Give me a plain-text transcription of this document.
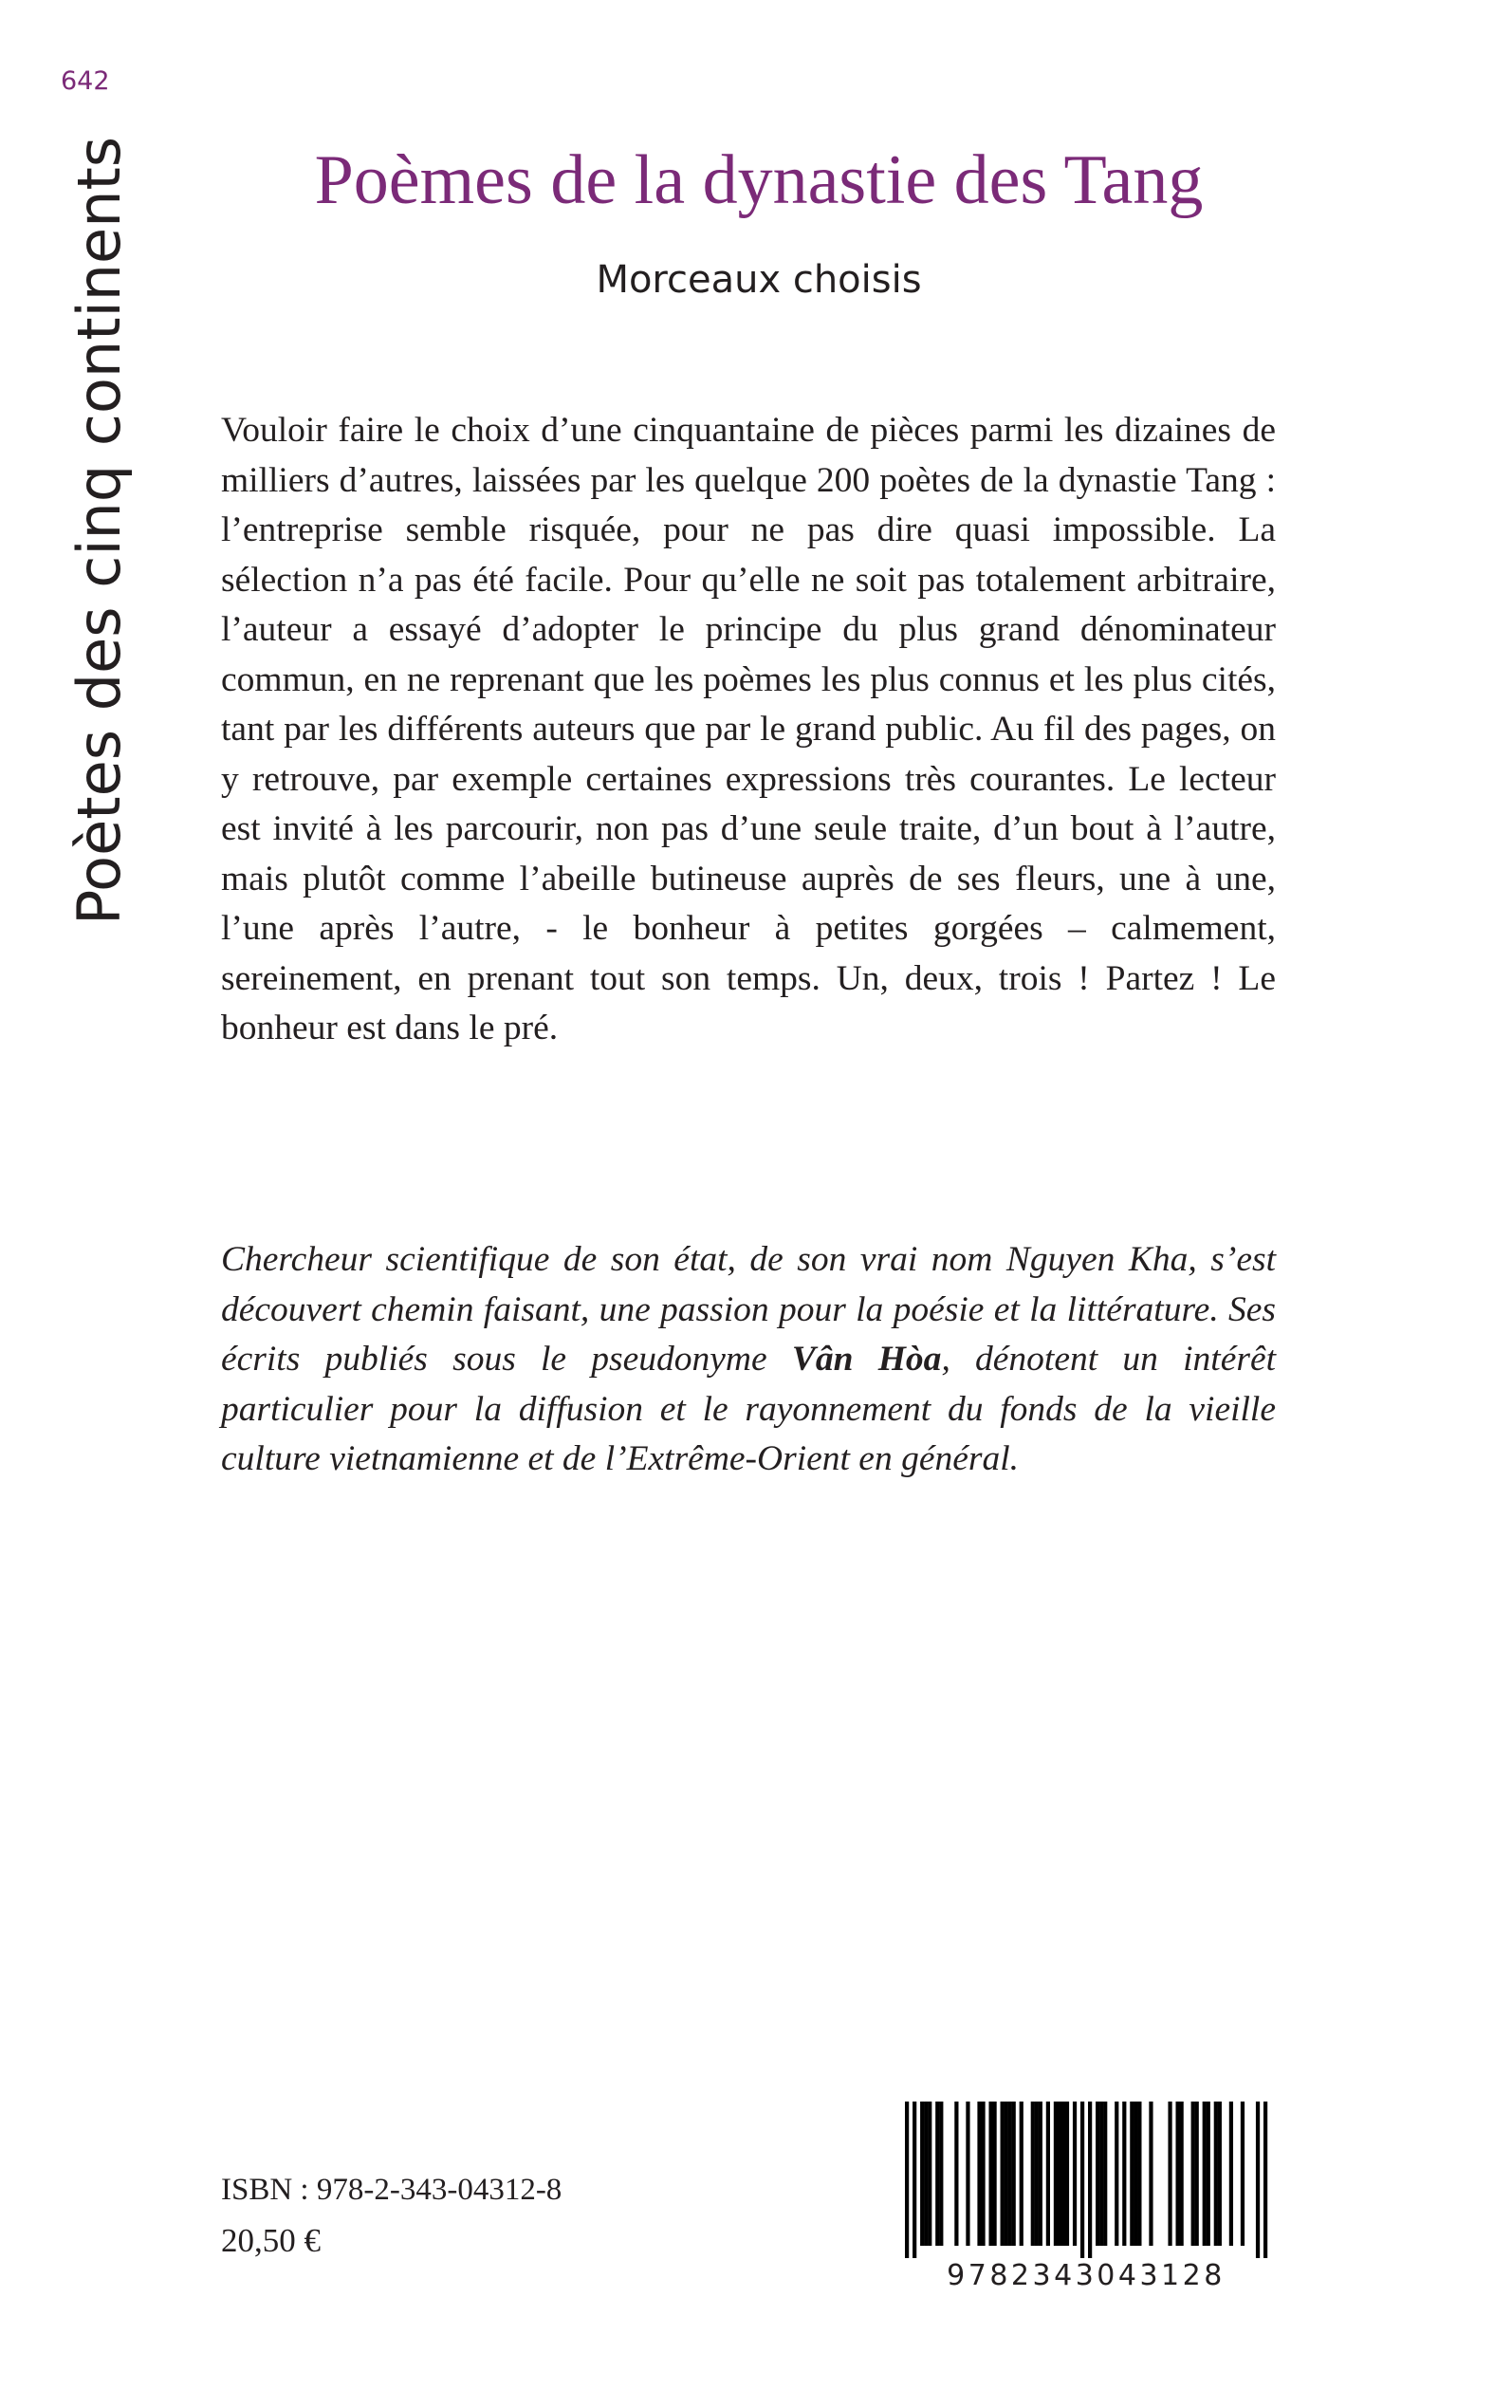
642
Poètes des cinq continents	Poèmes de la dynastie des Tang
Morceaux choisis

Vouloir faire le choix d’une cinquantaine de pièces parmi les dizaines de milliers d’autres, laissées par les quelque 200 poètes de la dynastie Tang : l’entreprise semble risquée, pour ne pas dire quasi impossible. La sélection n’a pas été facile. Pour qu’elle ne soit pas totalement arbitraire, l’auteur a essayé d’adopter le principe du plus grand dénominateur commun, en ne reprenant que les poèmes les plus connus et les plus cités, tant par les différents auteurs que par le grand public. Au fil des pages, on y retrouve, par exemple certaines expressions très courantes. Le lecteur est invité à les parcourir, non pas d’une seule traite, d’un bout à l’autre, mais plutôt comme l’abeille butineuse auprès de ses fleurs, une à une, l’une après l’autre, - le bonheur à petites gorgées – calmement, sereinement, en prenant tout son temps. Un, deux, trois ! Partez ! Le bonheur est dans le pré.

Chercheur scientifique de son état, de son vrai nom Nguyen Kha, s’est découvert chemin faisant, une passion pour la poésie et la littérature. Ses écrits publiés sous le pseudonyme Vân Hòa, dénotent un intérêt particulier pour la diffusion et le rayonnement du fonds de la vieille culture vietnamienne et de l’Extrême-Orient en général.

ISBN : 978-2-343-04312-8
20,50 €
9782343043128
